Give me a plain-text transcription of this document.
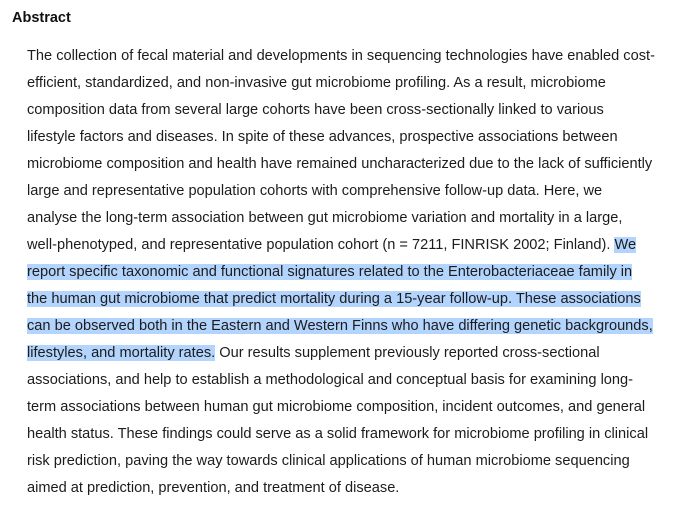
Abstract

The collection of fecal material and developments in sequencing technologies have enabled cost-efficient, standardized, and non-invasive gut microbiome profiling. As a result, microbiome composition data from several large cohorts have been cross-sectionally linked to various lifestyle factors and diseases. In spite of these advances, prospective associations between microbiome composition and health have remained uncharacterized due to the lack of sufficiently large and representative population cohorts with comprehensive follow-up data. Here, we analyse the long-term association between gut microbiome variation and mortality in a large, well-phenotyped, and representative population cohort (n = 7211, FINRISK 2002; Finland). We report specific taxonomic and functional signatures related to the Enterobacteriaceae family in the human gut microbiome that predict mortality during a 15-year follow-up. These associations can be observed both in the Eastern and Western Finns who have differing genetic backgrounds, lifestyles, and mortality rates. Our results supplement previously reported cross-sectional associations, and help to establish a methodological and conceptual basis for examining long-term associations between human gut microbiome composition, incident outcomes, and general health status. These findings could serve as a solid framework for microbiome profiling in clinical risk prediction, paving the way towards clinical applications of human microbiome sequencing aimed at prediction, prevention, and treatment of disease.
